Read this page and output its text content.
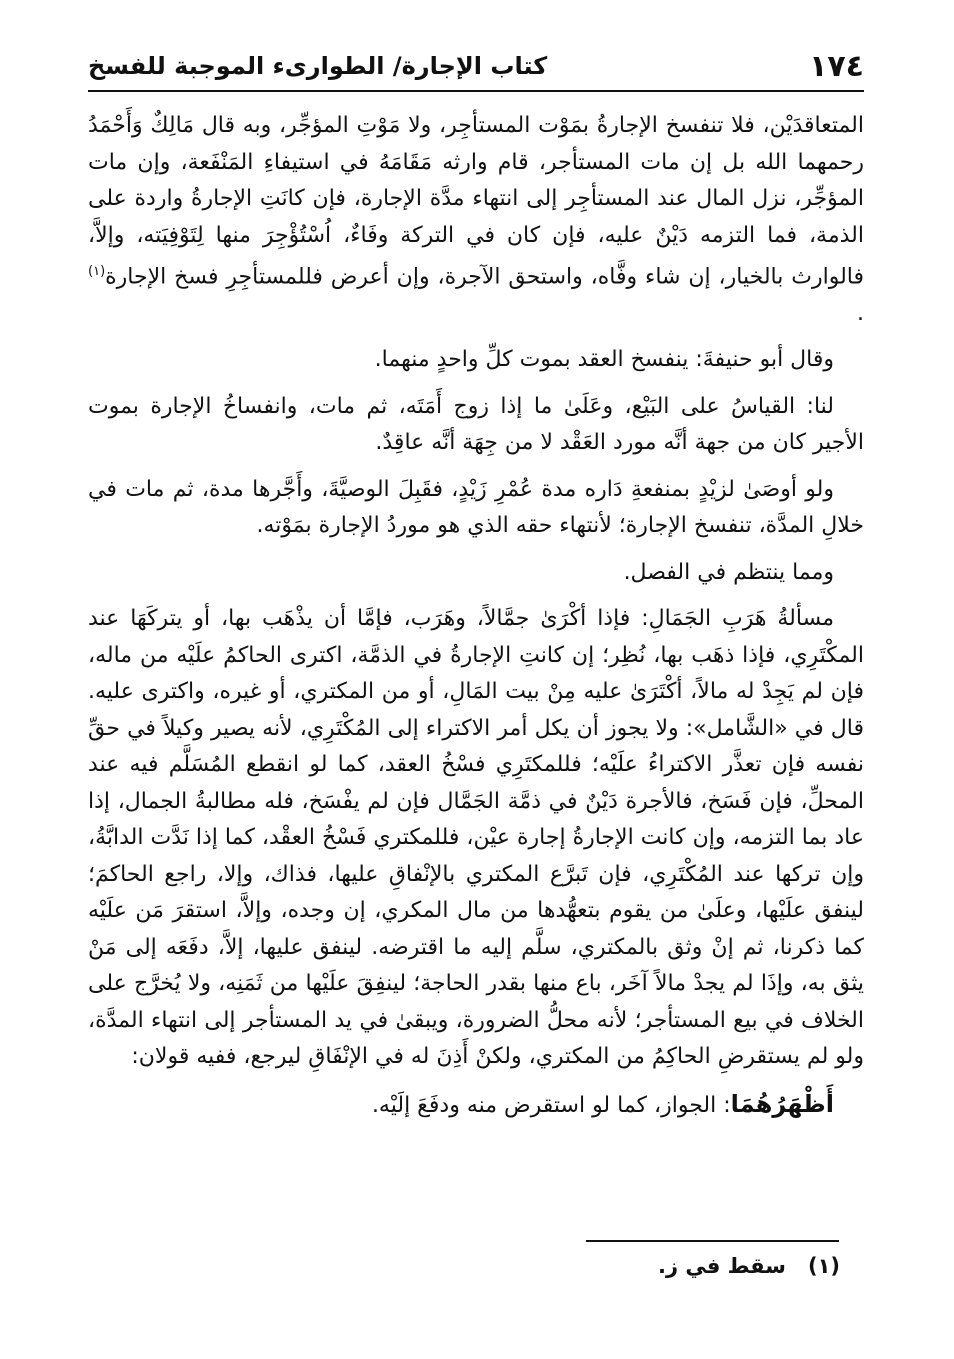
١٧٤
كتاب الإجارة/ الطوارىء الموجبة للفسخ

المتعاقدَيْن، فلا تنفسخ الإجارةُ بمَوْت المستأجِر، ولا مَوْتِ المؤجِّر، وبه قال مَالِكٌ وَأَحْمَدُ رحمهما الله بل إن مات المستأجر، قام وارثه مَقَامَهُ في استيفاءِ المَنْفَعة، وإن مات المؤجِّر، نزل المال عند المستأجِر إلى انتهاء مدَّة الإجارة، فإن كانَتِ الإجارةُ واردة على الذمة، فما التزمه دَيْنٌ عليه، فإن كان في التركة وفَاءٌ، اُسْتُؤْجِرَ منها لِتَوْفِيَته، وإلاَّ، فالوارث بالخيار، إن شاء وفَّاه، واستحق الآجرة، وإن أعرض فللمستأجِرِ فسخ الإجارة$^{(١)}$ .

وقال أبو حنيفةَ: ينفسخ العقد بموت كلِّ واحدٍ منهما.

لنا: القياسُ على البَيْع، وعَلَىٰ ما إذا زوج أَمَتَه، ثم مات، وانفساخُ الإجارة بموت الأجير كان من جهة أنَّه مورد العَقْد لا من جِهَة أنَّه عاقِدٌ.

ولو أوصَىٰ لزيْدٍ بمنفعةِ دَاره مدة عُمْرِ زَيْدٍ، فقَبِلَ الوصيَّةَ، وأَجَّرها مدة، ثم مات في خلالِ المدَّة، تنفسخ الإجارة؛ لأنتهاء حقه الذي هو موردُ الإجارة بمَوْته.

ومما ينتظم في الفصل.

مسألةُ هَرَبِ الجَمَالِ: فإذا أكْرَىٰ جمَّالاً، وهَرَب، فإمَّا أن يذْهَب بها، أو يتركَهَا عند المكْتَرِي، فإذا ذهَب بها، نُظِر؛ إن كانتِ الإجارةُ في الذمَّة، اكترى الحاكمُ علَيْه من ماله، فإن لم يَجِدْ له مالاً، أكْتَرَىٰ عليه مِنْ بيت المَالِ، أو من المكتري، أو غيره، واكترى عليه. قال في «الشَّامل»: ولا يجوز أن يكل أمر الاكتراء إلى المُكْتَرِي، لأنه يصير وكيلاً في حقِّ نفسه فإن تعذَّر الاكتراءُ علَيْه؛ فللمكتَرِي فسْخُ العقد، كما لو انقطع المُسَلَّم فيه عند المحلِّ، فإن فَسَخ، فالأجرة دَيْنٌ في ذمَّة الجَمَّال فإن لم يفْسَخ، فله مطالبةُ الجمال، إذا عاد بما التزمه، وإن كانت الإجارةُ إجارة عيْن، فللمكتري فَسْخُ العقْد، كما إذا نَدَّت الدابَّةُ، وإن تركها عند المُكْتَرِي، فإن تَبرَّع المكتري بالإنْفاقِ عليها، فذاك، وإلا، راجع الحاكمَ؛ لينفق علَيْها، وعلَىٰ من يقوم بتعهُّدها من مال المكري، إن وجده، وإلاَّ، استقرَ مَن علَيْه كما ذكرنا، ثم إنْ وثق بالمكتري، سلَّم إليه ما اقترضه. لينفق عليها، إلاَّ، دفَعَه إلى مَنْ يثق به، وإذَا لم يجدْ مالاً آخَر، باع منها بقدر الحاجة؛ لينفِقَ علَيْها من ثَمَنِه، ولا يُخرَّج على الخلاف في بيع المستأجر؛ لأنه محلُّ الضرورة، ويبقىٰ في يد المستأجر إلى انتهاء المدَّة، ولو لم يستقرضِ الحاكِمُ من المكتري، ولكنْ أَذِنَ له في الإنْفَاقِ ليرجع، ففيه قولان:

أَظْهَرُهُمَا: الجواز، كما لو استقرض منه ودفَعَ إلَيْه.

(١)سقط في ز.
